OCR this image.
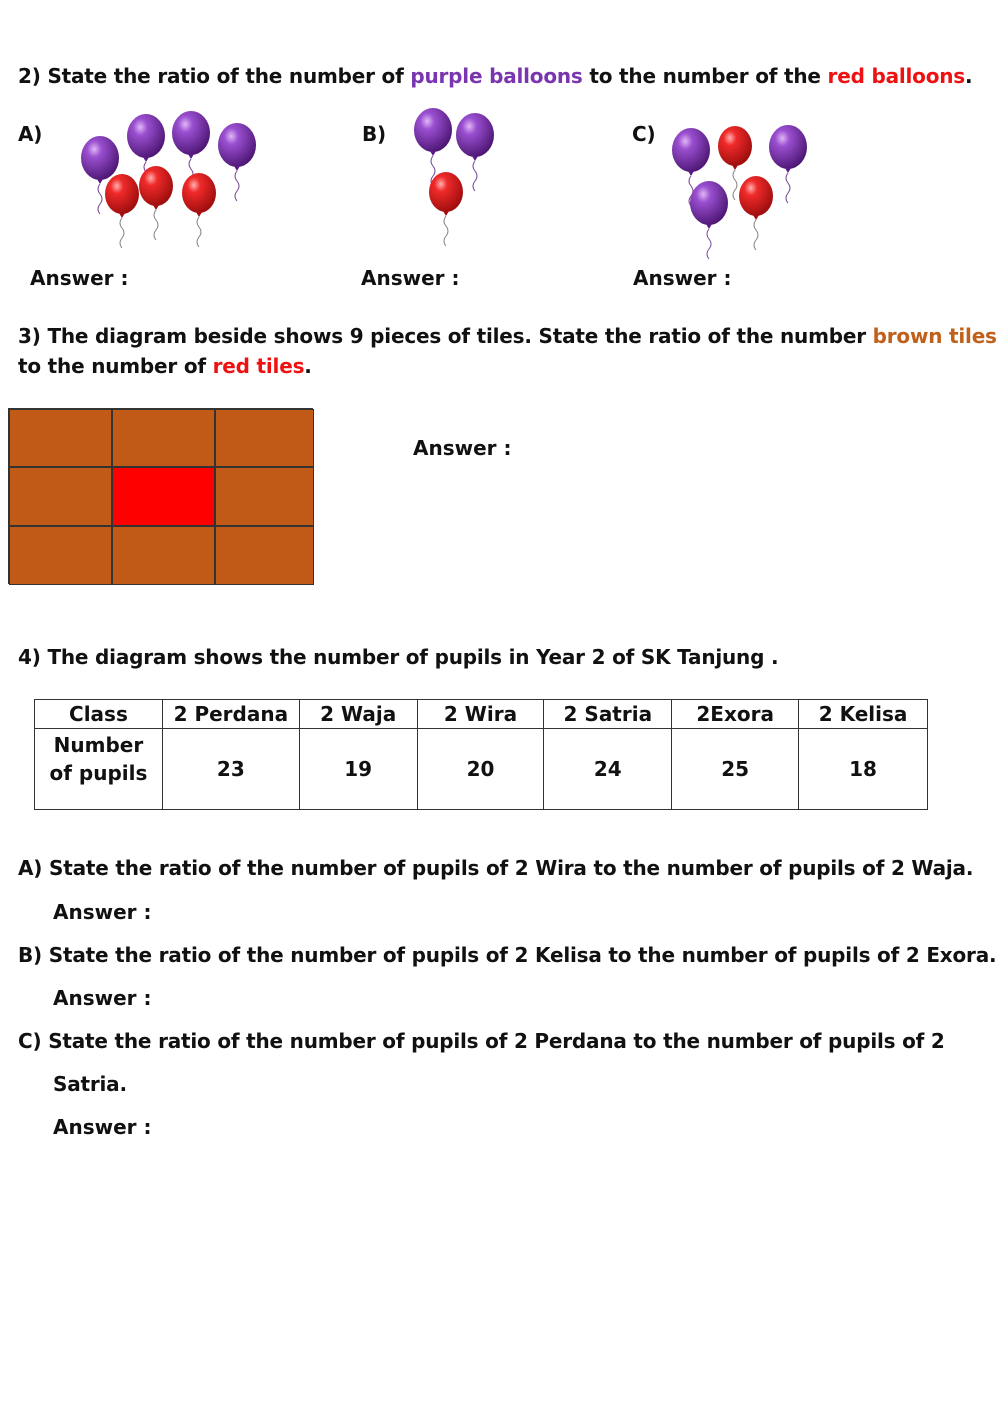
2) State the ratio of the number of purple balloons to the number of the red balloons.
A)	B)	C)
Answer :	Answer :	Answer :
3) The diagram beside shows 9 pieces of tiles. State the ratio of the number brown tiles
to the number of red tiles.
Answer :
4) The diagram shows the number of pupils in Year 2 of SK Tanjung .
Class	2 Perdana	2 Waja	2 Wira	2 Satria	2Exora	2 Kelisa

Number
of pupils	23	19	20	24	25	18
A) State the ratio of the number of pupils of 2 Wira to the number of pupils of 2 Waja.
Answer :
B) State the ratio of the number of pupils of 2 Kelisa to the number of pupils of 2 Exora.
Answer :
C) State the ratio of the number of pupils of 2 Perdana to the number of pupils of 2
Satria.
Answer :
